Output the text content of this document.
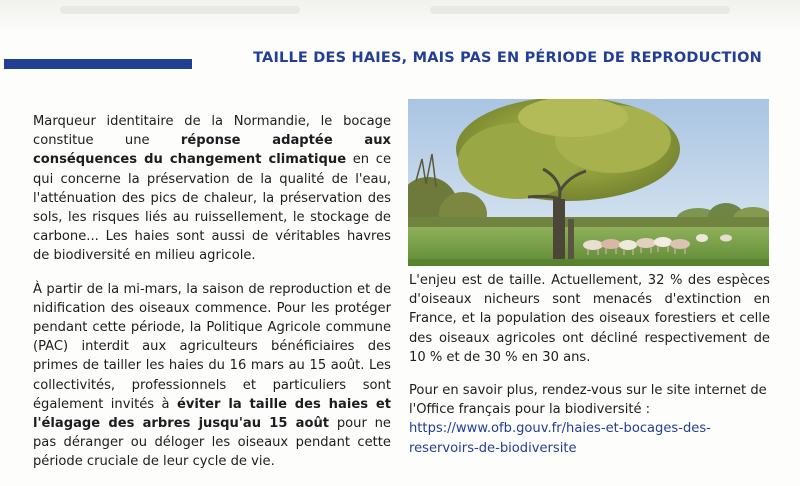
TAILLE DES HAIES, MAIS PAS EN PÉRIODE DE REPRODUCTION

Marqueur identitaire de la Normandie, le bocage constitue une réponse adaptée aux conséquences du changement climatique en ce qui concerne la préservation de la qualité de l'eau, l'atténuation des pics de chaleur, la préservation des sols, les risques liés au ruissellement, le stockage de carbone... Les haies sont aussi de véritables havres de biodiversité en milieu agricole.

À partir de la mi-mars, la saison de reproduction et de nidification des oiseaux commence. Pour les protéger pendant cette période, la Politique Agricole commune (PAC) interdit aux agriculteurs bénéficiaires des primes de tailler les haies du 16 mars au 15 août. Les collectivités, professionnels et particuliers sont également invités à éviter la taille des haies et l'élagage des arbres jusqu'au 15 août pour ne pas déranger ou déloger les oiseaux pendant cette période cruciale de leur cycle de vie.

L'enjeu est de taille. Actuellement, 32 % des espèces d'oiseaux nicheurs sont menacés d'extinction en France, et la population des oiseaux forestiers et celle des oiseaux agricoles ont décliné respectivement de 10 % et de 30 % en 30 ans.

Pour en savoir plus, rendez-vous sur le site internet de l'Office français pour la biodiversité : https://www.ofb.gouv.fr/haies-et-bocages-des-reservoirs-de-biodiversite
